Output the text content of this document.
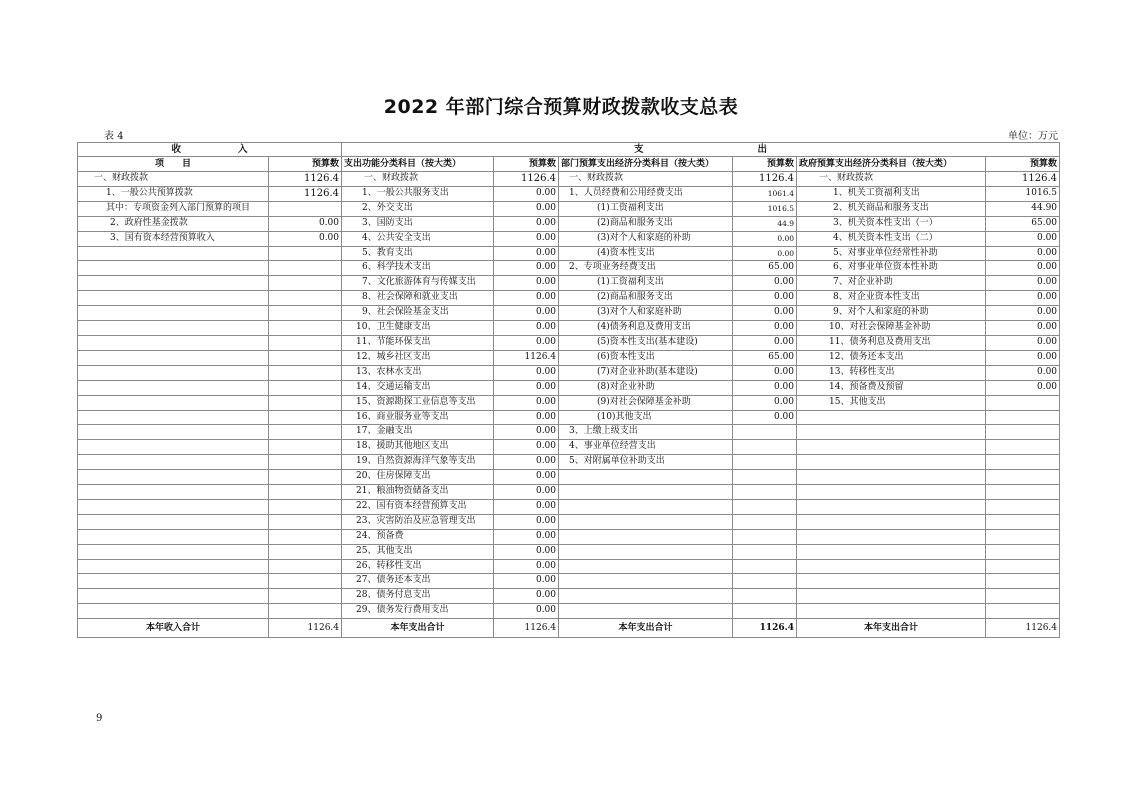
2022 年部门综合预算财政拨款收支总表
表 4	单位：万元
收　　　　　　入		支　　　　　　　　　　　　出					
项　　目	预算数	支出功能分类科目（按大类）	预算数	部门预算支出经济分类科目（按大类）	预算数	政府预算支出经济分类科目（按大类）	预算数
一、财政拨款	1126.4	一、财政拨款	1126.4	一、财政拨款	1126.4	一、财政拨款	1126.4
1、一般公共预算拨款	1126.4	1、一般公共服务支出	0.00	1、人员经费和公用经费支出	1061.4	1、机关工资福利支出	1016.5
其中：专项资金列入部门预算的项目		2、外交支出	0.00	(1)工资福利支出	1016.5	2、机关商品和服务支出	44.90
2、政府性基金拨款	0.00	3、国防支出	0.00	(2)商品和服务支出	44.9	3、机关资本性支出（一）	65.00
3、国有资本经营预算收入	0.00	4、公共安全支出	0.00	(3)对个人和家庭的补助	0.00	4、机关资本性支出（二）	0.00
		5、教育支出	0.00	(4)资本性支出	0.00	5、对事业单位经常性补助	0.00
		6、科学技术支出	0.00	2、专项业务经费支出	65.00	6、对事业单位资本性补助	0.00
		7、文化旅游体育与传媒支出	0.00	(1)工资福利支出	0.00	7、对企业补助	0.00
		8、社会保障和就业支出	0.00	(2)商品和服务支出	0.00	8、对企业资本性支出	0.00
		9、社会保险基金支出	0.00	(3)对个人和家庭补助	0.00	9、对个人和家庭的补助	0.00
		10、卫生健康支出	0.00	(4)债务利息及费用支出	0.00	10、对社会保障基金补助	0.00
		11、节能环保支出	0.00	(5)资本性支出(基本建设)	0.00	11、债务利息及费用支出	0.00
		12、城乡社区支出	1126.4	(6)资本性支出	65.00	12、债务还本支出	0.00
		13、农林水支出	0.00	(7)对企业补助(基本建设)	0.00	13、转移性支出	0.00
		14、交通运输支出	0.00	(8)对企业补助	0.00	14、预备费及预留	0.00
		15、资源勘探工业信息等支出	0.00	(9)对社会保障基金补助	0.00	15、其他支出	
		16、商业服务业等支出	0.00	(10)其他支出	0.00		
		17、金融支出	0.00	3、上缴上级支出			
		18、援助其他地区支出	0.00	4、事业单位经营支出			
		19、自然资源海洋气象等支出	0.00	5、对附属单位补助支出			
		20、住房保障支出	0.00				
		21、粮油物资储备支出	0.00				
		22、国有资本经营预算支出	0.00				
		23、灾害防治及应急管理支出	0.00				
		24、预备费	0.00				
		25、其他支出	0.00				
		26、转移性支出	0.00				
		27、债务还本支出	0.00				
		28、债务付息支出	0.00				
		29、债务发行费用支出	0.00				
本年收入合计	1126.4	本年支出合计	1126.4	本年支出合计	1126.4	本年支出合计	1126.4
9
